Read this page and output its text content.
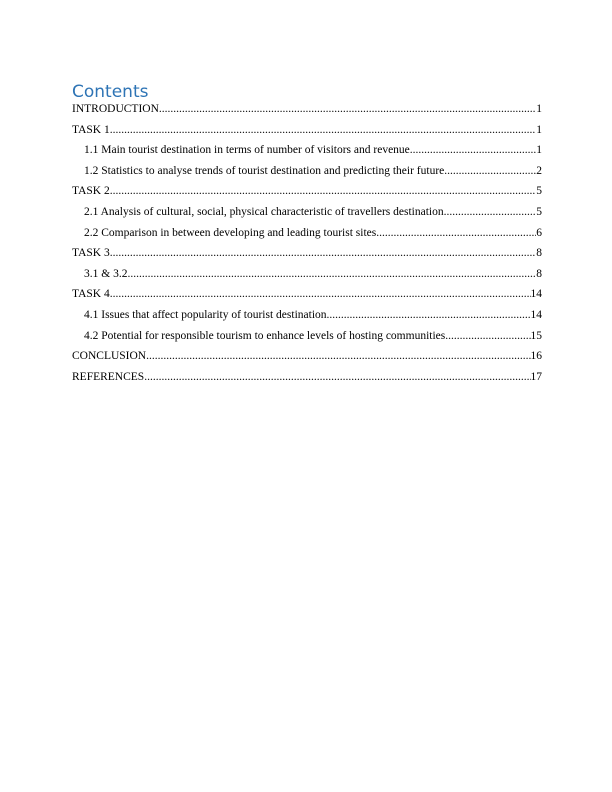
Contents
INTRODUCTION .....	1
TASK 1 .....	1
1.1 Main tourist destination in terms of number of visitors and revenue .....	1
1.2 Statistics to analyse trends of tourist destination and predicting their future .....	2
TASK 2 .....	5
2.1 Analysis of cultural, social, physical characteristic of travellers destination .....	5
2.2 Comparison in between developing and leading tourist sites .....	6
TASK 3 .....	8
3.1 & 3.2 .....	8
TASK 4 .....	14
4.1 Issues that affect popularity of tourist destination .....	14
4.2 Potential for responsible tourism to enhance levels of hosting communities .....	15
CONCLUSION .....	16
REFERENCES .....	17
